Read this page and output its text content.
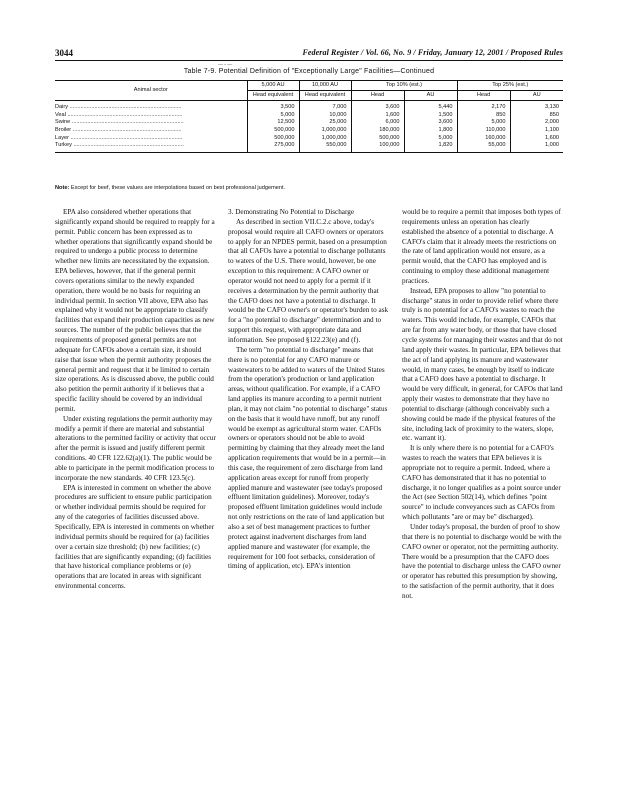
3044	Federal Register / Vol. 66, No. 9 / Friday, January 12, 2001 / Proposed Rules
— - —
Table 7-9. Potential Definition of "Exceptionally Large" Facilities—Continued
Animal sector	5,000 AU	10,000 AU	Top 10% (est.)		Top 25% (est.)	
	Head equivalent	Head equivalent	Head	AU	Head	AU
Dairy ........................................................................	3,500	7,000	3,600	5,440	2,170	3,130
Veal ..........................................................................	5,000	10,000	1,600	1,500	850	850
Swine ........................................................................	12,500	25,000	6,000	3,600	5,000	2,000
Broiler ......................................................................	500,000	1,000,000	180,000	1,800	110,000	1,100
Layer ........................................................................	500,000	1,000,000	500,000	5,000	160,000	1,600
Turkey .......................................................................	275,000	550,000	100,000	1,820	55,000	1,000
Note: Except for beef, these values are interpolations based on best professional judgement.

EPA also considered whether operations that significantly expand should be required to reapply for a permit. Public concern has been expressed as to whether operations that significantly expand should be required to undergo a public process to determine whether new limits are necessitated by the expansion. EPA believes, however, that if the general permit covers operations similar to the newly expanded operation, there would be no basis for requiring an individual permit. In section VII above, EPA also has explained why it would not be appropriate to classify facilities that expand their production capacities as new sources. The number of the public believes that the requirements of proposed general permits are not adequate for CAFOs above a certain size, it should raise that issue when the permit authority proposes the general permit and request that it be limited to certain size operations. As is discussed above, the public could also petition the permit authority if it believes that a specific facility should be covered by an individual permit.

Under existing regulations the permit authority may modify a permit if there are material and substantial alterations to the permitted facility or activity that occur after the permit is issued and justify different permit conditions. 40 CFR 122.62(a)(1). The public would be able to participate in the permit modification process to incorporate the new standards. 40 CFR 123.5(c).

EPA is interested in comment on whether the above procedures are sufficient to ensure public participation or whether individual permits should be required for any of the categories of facilities discussed above. Specifically, EPA is interested in comments on whether individual permits should be required for (a) facilities over a certain size threshold; (b) new facilities; (c) facilities that are significantly expanding; (d) facilities that have historical compliance problems or (e) operations that are located in areas with significant environmental concerns.

3. Demonstrating No Potential to Discharge

As described in section VII.C.2.c above, today's proposal would require all CAFO owners or operators to apply for an NPDES permit, based on a presumption that all CAFOs have a potential to discharge pollutants to waters of the U.S. There would, however, be one exception to this requirement: A CAFO owner or operator would not need to apply for a permit if it receives a determination by the permit authority that the CAFO does not have a potential to discharge. It would be the CAFO owner's or operator's burden to ask for a "no potential to discharge" determination and to support this request, with appropriate data and information. See proposed §122.23(e) and (f).

The term "no potential to discharge" means that there is no potential for any CAFO manure or wastewaters to be added to waters of the United States from the operation's production or land application areas, without qualification. For example, if a CAFO land applies its manure according to a permit nutrient plan, it may not claim "no potential to discharge" status on the basis that it would have runoff, but any runoff would be exempt as agricultural storm water. CAFOs owners or operators should not be able to avoid permitting by claiming that they already meet the land application requirements that would be in a permit—in this case, the requirement of zero discharge from land application areas except for runoff from properly applied manure and wastewater (see today's proposed effluent limitation guidelines). Moreover, today's proposed effluent limitation guidelines would include not only restrictions on the rate of land application but also a set of best management practices to further protect against inadvertent discharges from land applied manure and wastewater (for example, the requirement for 100 foot setbacks, consideration of timing of application, etc). EPA's intention

would be to require a permit that imposes both types of requirements unless an operation has clearly established the absence of a potential to discharge. A CAFO's claim that it already meets the restrictions on the rate of land application would not ensure, as a permit would, that the CAFO has employed and is continuing to employ these additional management practices.

Instead, EPA proposes to allow "no potential to discharge" status in order to provide relief where there truly is no potential for a CAFO's wastes to reach the waters. This would include, for example, CAFOs that are far from any water body, or those that have closed cycle systems for managing their wastes and that do not land apply their wastes. In particular, EPA believes that the act of land applying its manure and wastewater would, in many cases, be enough by itself to indicate that a CAFO does have a potential to discharge. It would be very difficult, in general, for CAFOs that land apply their wastes to demonstrate that they have no potential to discharge (although conceivably such a showing could be made if the physical features of the site, including lack of proximity to the waters, slope, etc. warrant it).

It is only where there is no potential for a CAFO's wastes to reach the waters that EPA believes it is appropriate not to require a permit. Indeed, where a CAFO has demonstrated that it has no potential to discharge, it no longer qualifies as a point source under the Act (see Section 502(14), which defines "point source" to include conveyances such as CAFOs from which pollutants "are or may be" discharged).

Under today's proposal, the burden of proof to show that there is no potential to discharge would be with the CAFO owner or operator, not the permitting authority. There would be a presumption that the CAFO does have the potential to discharge unless the CAFO owner or operator has rebutted this presumption by showing, to the satisfaction of the permit authority, that it does not.
